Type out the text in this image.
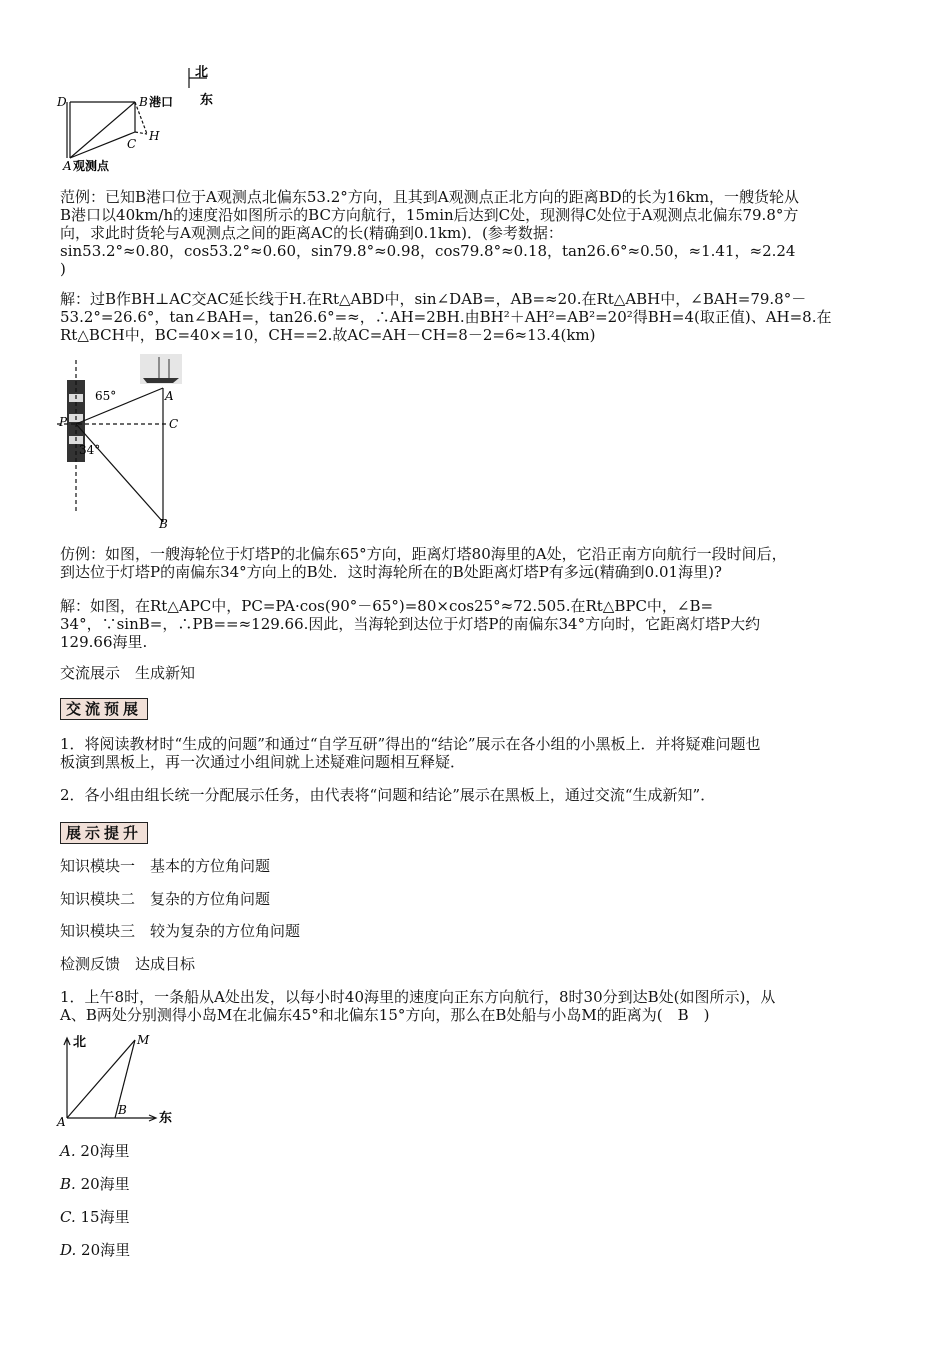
北
东
D	B 港口
H
C
A 观测点

范例：已知B港口位于A观测点北偏东53.2°方向，且其到A观测点正北方向的距离BD的长为16km，一艘货轮从

B港口以40km/h的速度沿如图所示的BC方向航行，15min后达到C处，现测得C处位于A观测点北偏东79.8°方

向，求此时货轮与A观测点之间的距离AC的长(精确到0.1km)．(参考数据：

sin53.2°≈0.80，cos53.2°≈0.60，sin79.8°≈0.98，cos79.8°≈0.18，tan26.6°≈0.50，≈1.41，≈2.24

)

解：过B作BH⊥AC交AC延长线于H.在Rt△ABD中，sin∠DAB=，AB=≈20.在Rt△ABH中，∠BAH=79.8°－

53.2°=26.6°，tan∠BAH=，tan26.6°=≈，∴AH=2BH.由BH²＋AH²=AB²=20²得BH=4(取正值)、AH=8.在

Rt△BCH中，BC=40×=10，CH==2.故AC=AH－CH=8－2=6≈13.4(km)

65°	A
P	C
34°
B

仿例：如图，一艘海轮位于灯塔P的北偏东65°方向，距离灯塔80海里的A处，它沿正南方向航行一段时间后，

到达位于灯塔P的南偏东34°方向上的B处．这时海轮所在的B处距离灯塔P有多远(精确到0.01海里)?

解：如图，在Rt△APC中，PC=PA·cos(90°－65°)=80×cos25°≈72.505.在Rt△BPC中，∠B=

34°，∵sinB=，∴PB==≈129.66.因此，当海轮到达位于灯塔P的南偏东34°方向时，它距离灯塔P大约

129.66海里.

交流展示　生成新知

交流预展

1．将阅读教材时“生成的问题”和通过“自学互研”得出的“结论”展示在各小组的小黑板上．并将疑难问题也

板演到黑板上，再一次通过小组间就上述疑难问题相互释疑．

2．各小组由组长统一分配展示任务，由代表将“问题和结论”展示在黑板上，通过交流“生成新知”．

展示提升

知识模块一　基本的方位角问题

知识模块二　复杂的方位角问题

知识模块三　较为复杂的方位角问题

检测反馈　达成目标

1．上午8时，一条船从A处出发，以每小时40海里的速度向正东方向航行，8时30分到达B处(如图所示)，从

A、B两处分别测得小岛M在北偏东45°和北偏东15°方向，那么在B处船与小岛M的距离为(　B　)

北
东
M
A
B

A. 20海里

B. 20海里

C. 15海里

D. 20海里
